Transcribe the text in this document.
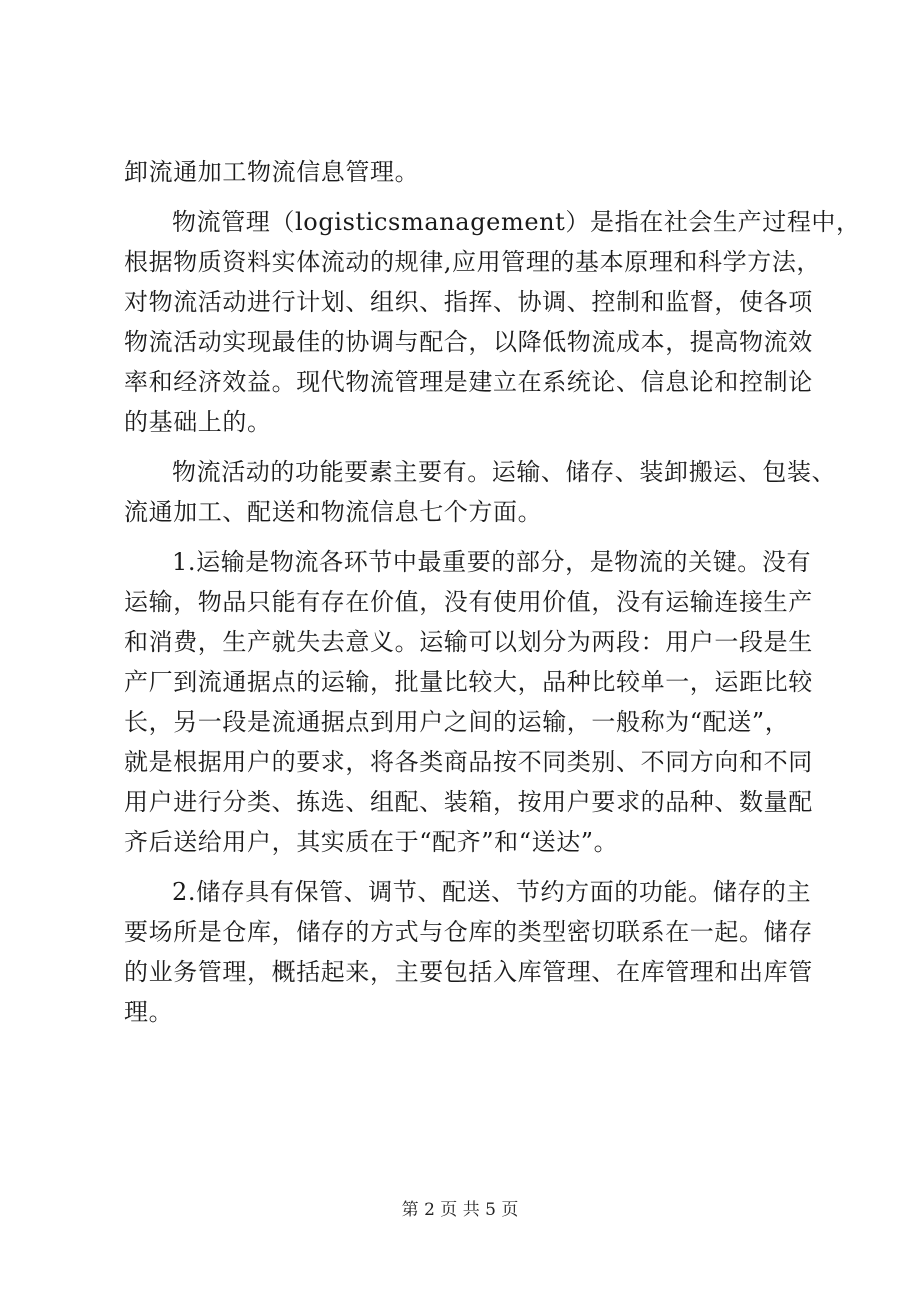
卸流通加工物流信息管理。
物流管理（logisticsmanagement）是指在社会生产过程中，
根据物质资料实体流动的规律,应用管理的基本原理和科学方法，
对物流活动进行计划、组织、指挥、协调、控制和监督，使各项
物流活动实现最佳的协调与配合，以降低物流成本，提高物流效
率和经济效益。现代物流管理是建立在系统论、信息论和控制论
的基础上的。
物流活动的功能要素主要有。运输、储存、装卸搬运、包装、
流通加工、配送和物流信息七个方面。
1.运输是物流各环节中最重要的部分，是物流的关键。没有
运输，物品只能有存在价值，没有使用价值，没有运输连接生产
和消费，生产就失去意义。运输可以划分为两段：用户一段是生
产厂到流通据点的运输，批量比较大，品种比较单一，运距比较
长，另一段是流通据点到用户之间的运输，一般称为“配送”，
就是根据用户的要求，将各类商品按不同类别、不同方向和不同
用户进行分类、拣选、组配、装箱，按用户要求的品种、数量配
齐后送给用户，其实质在于“配齐”和“送达”。
2.储存具有保管、调节、配送、节约方面的功能。储存的主
要场所是仓库，储存的方式与仓库的类型密切联系在一起。储存
的业务管理，概括起来，主要包括入库管理、在库管理和出库管
理。
第 2 页 共 5 页
